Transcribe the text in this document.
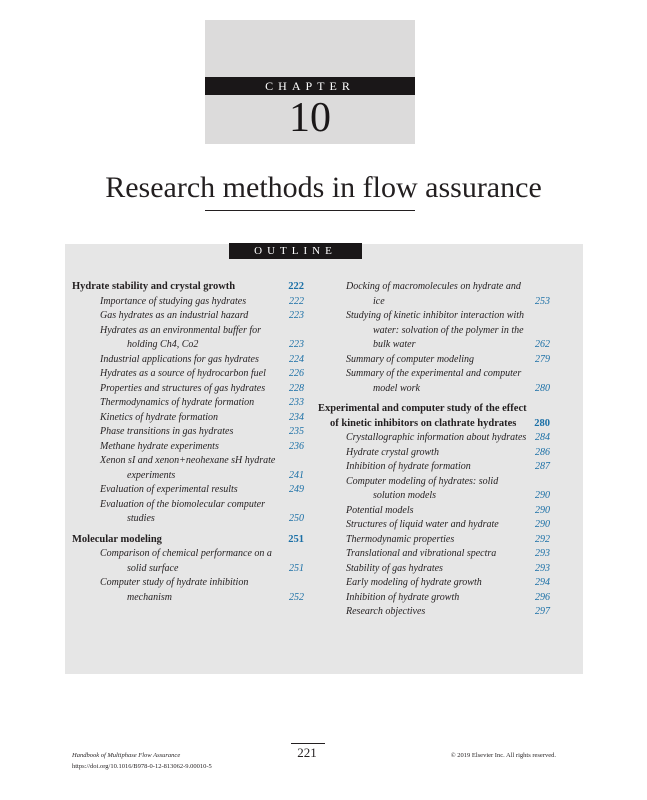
CHAPTER
10
Research methods in flow assurance
OUTLINE
Hydrate stability and crystal growth	222
Importance of studying gas hydrates	222
Gas hydrates as an industrial hazard	223
Hydrates as an environmental buffer for holding Ch4, Co2	223
Industrial applications for gas hydrates	224
Hydrates as a source of hydrocarbon fuel	226
Properties and structures of gas hydrates	228
Thermodynamics of hydrate formation	233
Kinetics of hydrate formation	234
Phase transitions in gas hydrates	235
Methane hydrate experiments	236
Xenon sI and xenon+neohexane sH hydrate experiments	241
Evaluation of experimental results	249
Evaluation of the biomolecular computer studies	250
Molecular modeling	251
Comparison of chemical performance on a solid surface	251
Computer study of hydrate inhibition mechanism	252
Docking of macromolecules on hydrate and ice	253
Studying of kinetic inhibitor interaction with water: solvation of the polymer in the bulk water	262
Summary of computer modeling	279
Summary of the experimental and computer model work	280
Experimental and computer study of the effect of kinetic inhibitors on clathrate hydrates	280
Crystallographic information about hydrates 284
Hydrate crystal growth	286
Inhibition of hydrate formation	287
Computer modeling of hydrates: solid solution models	290
Potential models	290
Structures of liquid water and hydrate	290
Thermodynamic properties	292
Translational and vibrational spectra	293
Stability of gas hydrates	293
Early modeling of hydrate growth	294
Inhibition of hydrate growth	296
Research objectives	297
Handbook of Multiphase Flow Assurance
https://doi.org/10.1016/B978-0-12-813062-9.00010-5
221	© 2019 Elsevier Inc. All rights reserved.
